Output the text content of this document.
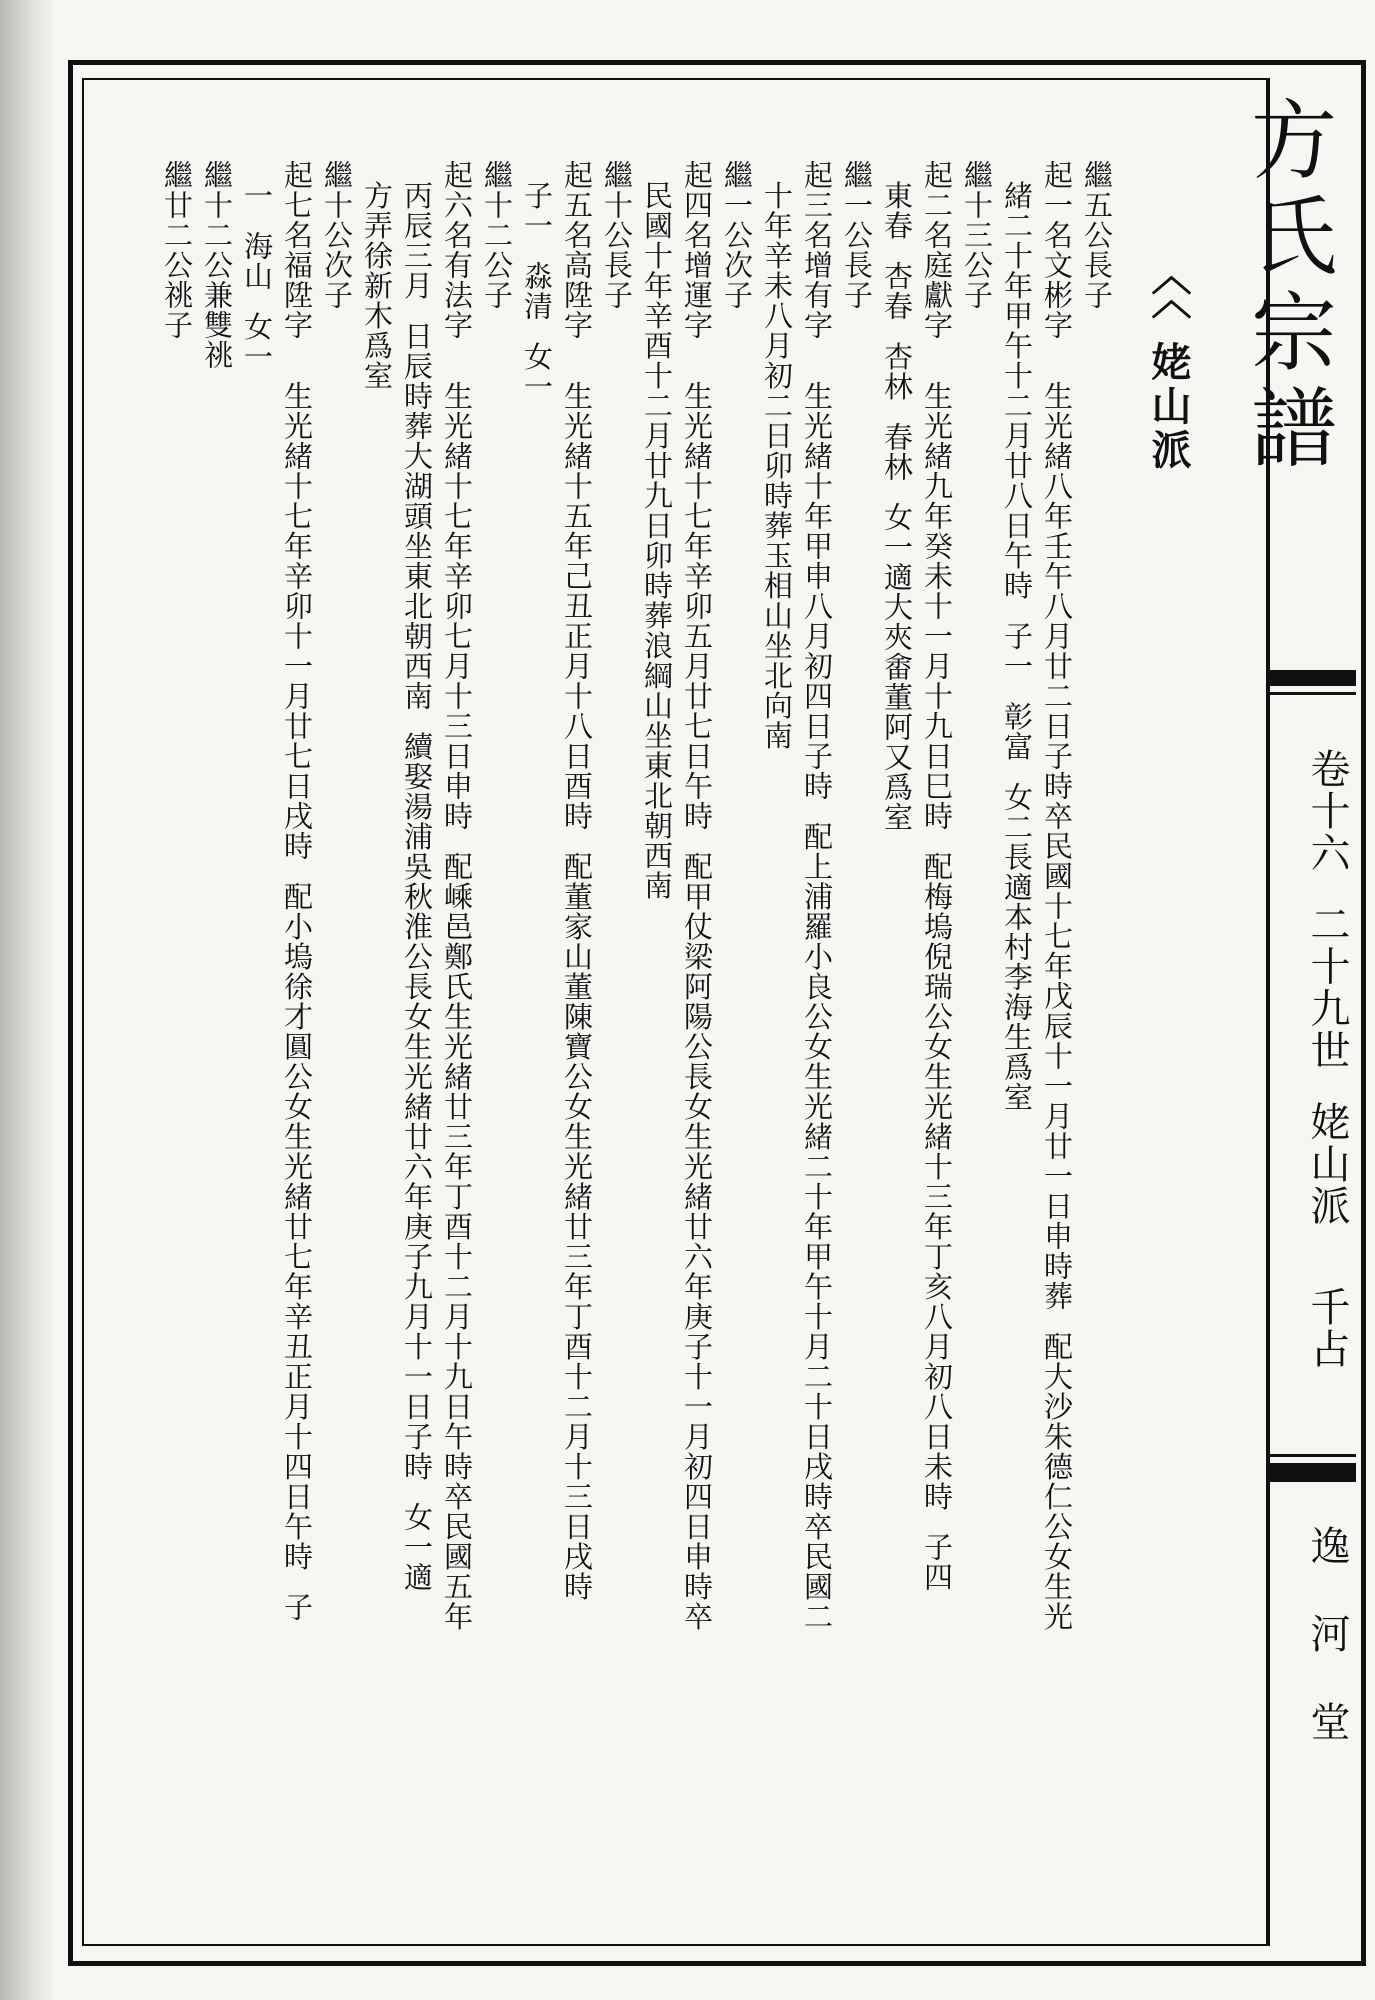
方氏宗譜
卷十六  二十九世  姥山派    千占
逸河堂
〈〈 姥山派
繼五公長子
起一名文彬字    生光緒八年壬午八月廿二日子時卒民國十七年戊辰十一月廿一日申時葬  配大沙朱德仁公女生光
緒二十年甲午十二月廿八日午時  子一  彰富  女二長適本村李海生爲室
繼十三公子
起二名庭獻字    生光緒九年癸未十一月十九日巳時  配梅塢倪瑞公女生光緒十三年丁亥八月初八日未時  子四
東春  杏春  杏林  春林  女一適大夾畬董阿又爲室
繼一公長子
起三名增有字    生光緒十年甲申八月初四日子時  配上浦羅小良公女生光緒二十年甲午十月二十日戌時卒民國二
十年辛未八月初二日卯時葬玉相山坐北向南
繼一公次子
起四名增運字    生光緒十七年辛卯五月廿七日午時  配甲仗梁阿陽公長女生光緒廿六年庚子十一月初四日申時卒
民國十年辛酉十二月廿九日卯時葬浪綱山坐東北朝西南
繼十公長子
起五名高陞字    生光緒十五年己丑正月十八日酉時  配董家山董陳寶公女生光緒廿三年丁酉十二月十三日戌時
子一  淼清  女一
繼十二公子
起六名有法字    生光緒十七年辛卯七月十三日申時  配嵊邑鄭氏生光緒廿三年丁酉十二月十九日午時卒民國五年
丙辰三月  日辰時葬大湖頭坐東北朝西南  續娶湯浦吳秋淮公長女生光緒廿六年庚子九月十一日子時  女一適
方弄徐新木爲室
繼十公次子
起七名福陞字    生光緒十七年辛卯十一月廿七日戌時  配小塢徐才圓公女生光緒廿七年辛丑正月十四日午時  子
一  海山  女一
繼十二公兼雙祧
繼廿二公祧子
